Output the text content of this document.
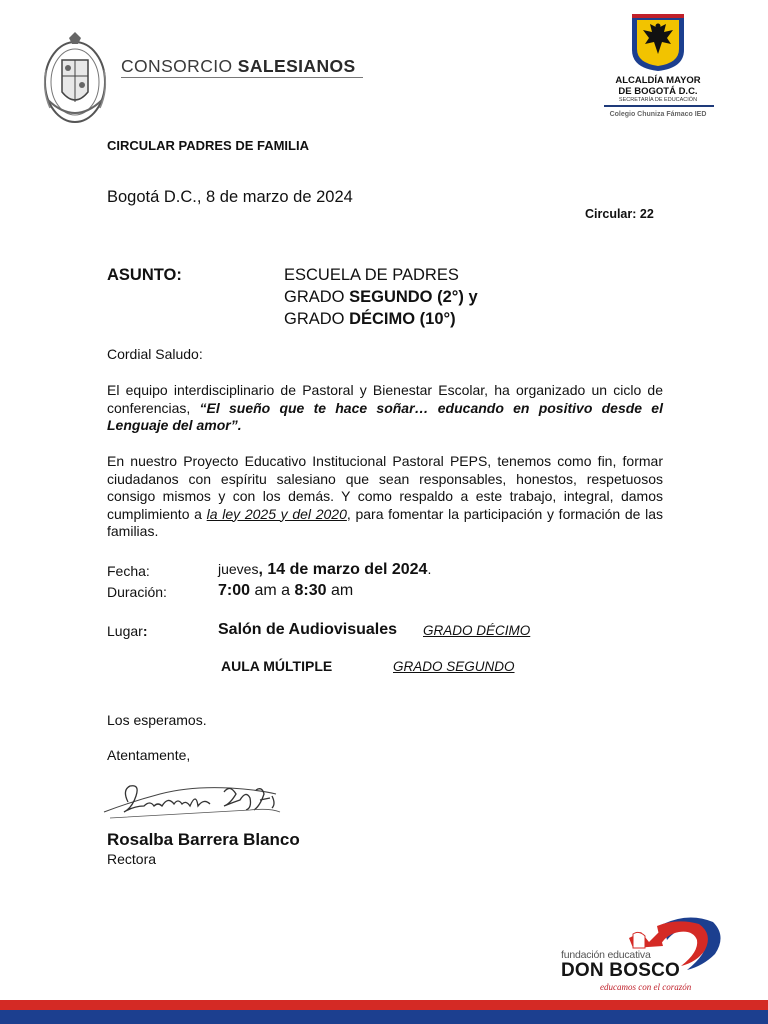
CONSORCIO SALESIANOS
ALCALDÍA MAYOR
DE BOGOTÁ D.C.
SECRETARÍA DE EDUCACIÓN
Colegio Chuniza Fámaco IED
CIRCULAR PADRES DE FAMILIA
Bogotá D.C., 8 de marzo de 2024
Circular: 22
ASUNTO:	ESCUELA DE PADRES
GRADO SEGUNDO (2°) y
GRADO DÉCIMO (10°)
Cordial Saludo:
El equipo interdisciplinario de Pastoral y Bienestar Escolar, ha organizado un ciclo de conferencias, “El sueño que te hace soñar… educando en positivo desde el Lenguaje del amor”.
En nuestro Proyecto Educativo Institucional Pastoral PEPS, tenemos como fin, formar ciudadanos con espíritu salesiano que sean responsables, honestos, respetuosos consigo mismos y con los demás. Y como respaldo a este trabajo, integral, damos cumplimiento a la ley 2025 y del 2020, para fomentar la participación y formación de las familias.
Fecha:	jueves, 14 de marzo del 2024.
Duración:	7:00 am a 8:30 am
Lugar:	Salón de Audiovisuales GRADO DÉCIMO
AULA MÚLTIPLE	GRADO SEGUNDO
Los esperamos.
Atentamente,
Rosalba Barrera Blanco
Rectora
fundación educativa
DON BOSCO
educamos con el corazón
